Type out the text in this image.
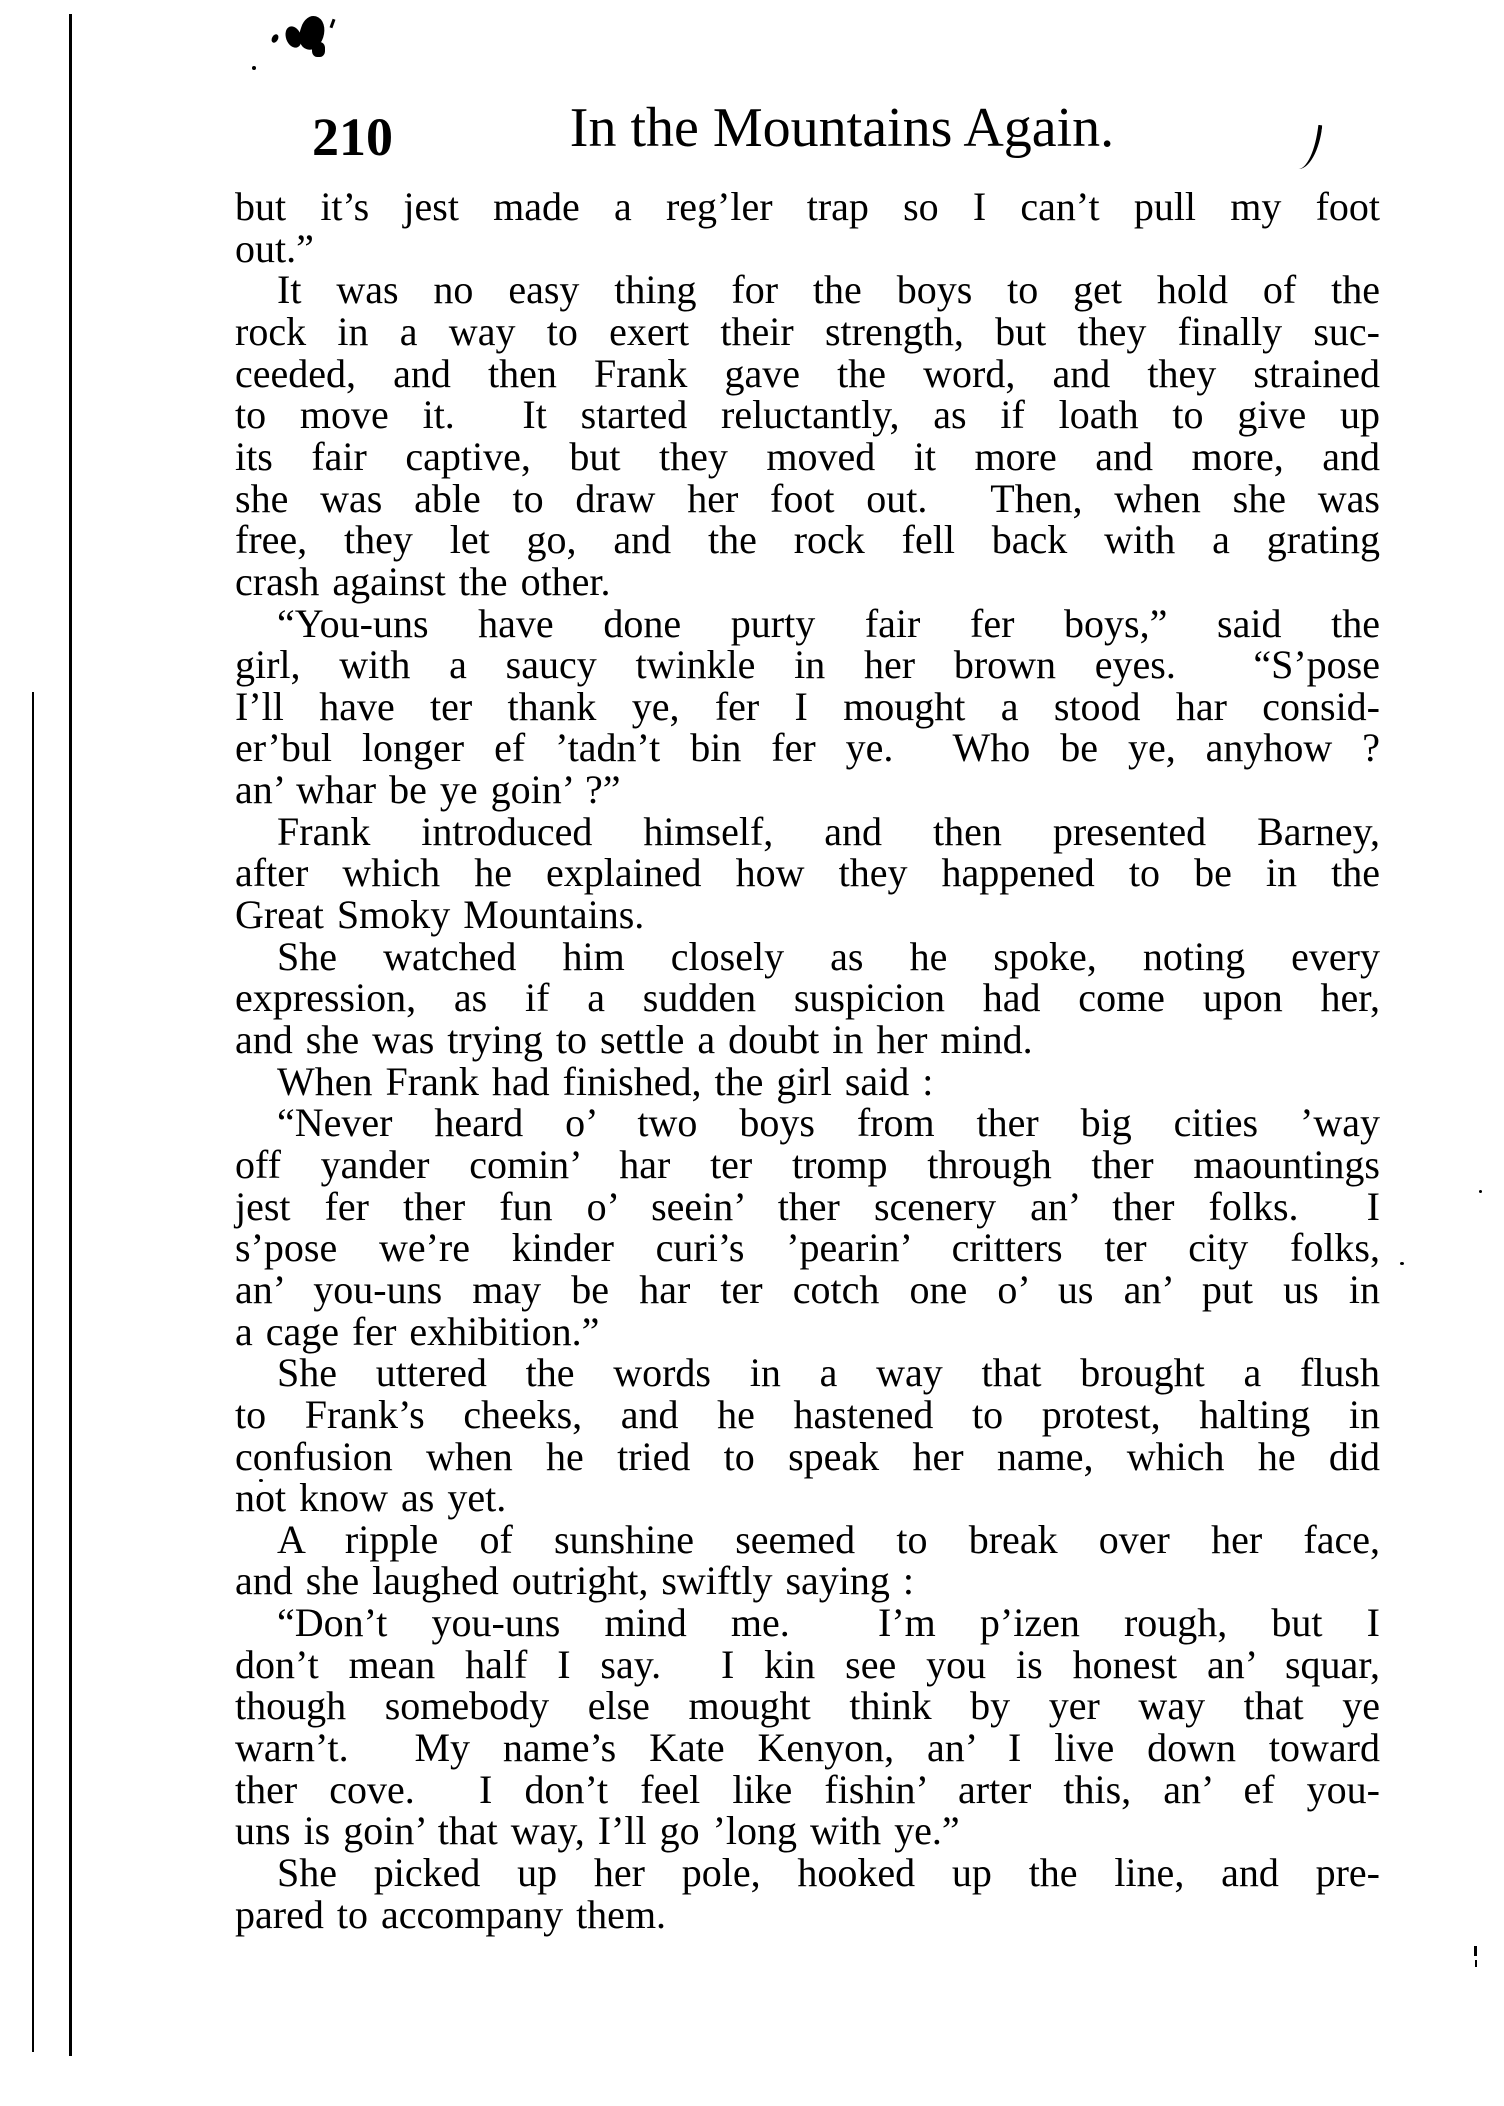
210	In the Mountains Again.
but it’s jest made a reg’ler trap so I can’t pull my foot
out.”
It was no easy thing for the boys to get hold of the
rock in a way to exert their strength, but they finally suc-
ceeded, and then Frank gave the word, and they strained
to move it.  It started reluctantly, as if loath to give up
its fair captive, but they moved it more and more, and
she was able to draw her foot out.  Then, when she was
free, they let go, and the rock fell back with a grating
crash against the other.
“You-uns have done purty fair fer boys,” said the
girl, with a saucy twinkle in her brown eyes.  “S’pose
I’ll have ter thank ye, fer I mought a stood har consid-
er’bul longer ef ’tadn’t bin fer ye.  Who be ye, anyhow ?
an’ whar be ye goin’ ?”
Frank introduced himself, and then presented Barney,
after which he explained how they happened to be in the
Great Smoky Mountains.
She watched him closely as he spoke, noting every
expression, as if a sudden suspicion had come upon her,
and she was trying to settle a doubt in her mind.
When Frank had finished, the girl said :
“Never heard o’ two boys from ther big cities ’way
off yander comin’ har ter tromp through ther maountings
jest fer ther fun o’ seein’ ther scenery an’ ther folks.  I
s’pose we’re kinder curi’s ’pearin’ critters ter city folks,
an’ you-uns may be har ter cotch one o’ us an’ put us in
a cage fer exhibition.”
She uttered the words in a way that brought a flush
to Frank’s cheeks, and he hastened to protest, halting in
confusion when he tried to speak her name, which he did
not know as yet.
A ripple of sunshine seemed to break over her face,
and she laughed outright, swiftly saying :
“Don’t you-uns mind me.  I’m p’izen rough, but I
don’t mean half I say.  I kin see you is honest an’ squar,
though somebody else mought think by yer way that ye
warn’t.  My name’s Kate Kenyon, an’ I live down toward
ther cove.  I don’t feel like fishin’ arter this, an’ ef you-
uns is goin’ that way, I’ll go ’long with ye.”
She picked up her pole, hooked up the line, and pre-
pared to accompany them.
